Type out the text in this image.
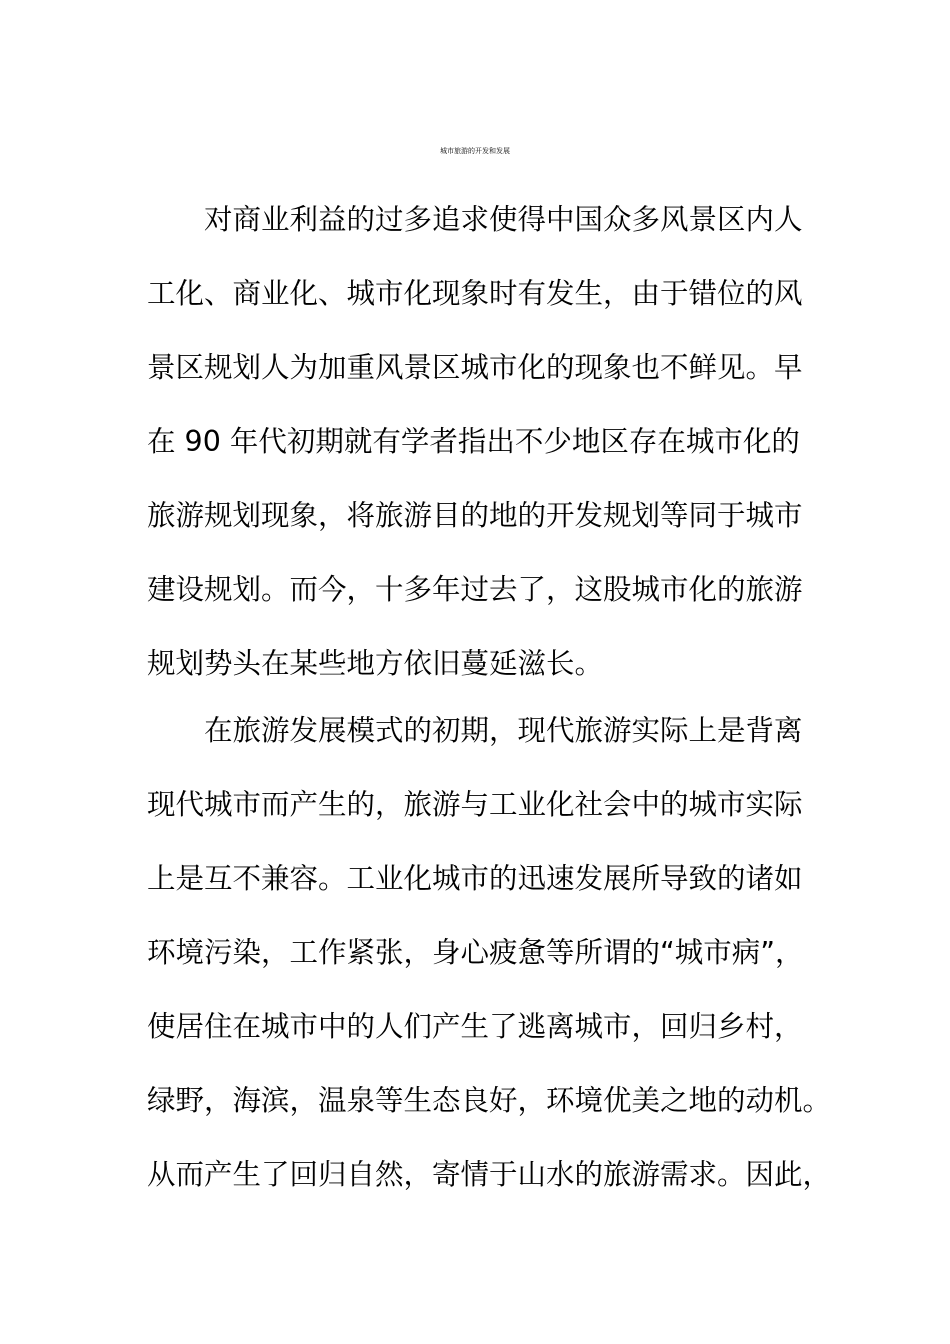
城市旅游的开发和发展
对商业利益的过多追求使得中国众多风景区内人
工化、商业化、城市化现象时有发生，由于错位的风
景区规划人为加重风景区城市化的现象也不鲜见。早
在 90 年代初期就有学者指出不少地区存在城市化的
旅游规划现象，将旅游目的地的开发规划等同于城市
建设规划。而今，十多年过去了，这股城市化的旅游
规划势头在某些地方依旧蔓延滋长。
在旅游发展模式的初期，现代旅游实际上是背离
现代城市而产生的，旅游与工业化社会中的城市实际
上是互不兼容。工业化城市的迅速发展所导致的诸如
环境污染，工作紧张，身心疲惫等所谓的“城市病”，
使居住在城市中的人们产生了逃离城市，回归乡村，
绿野，海滨，温泉等生态良好，环境优美之地的动机。
从而产生了回归自然，寄情于山水的旅游需求。因此，
